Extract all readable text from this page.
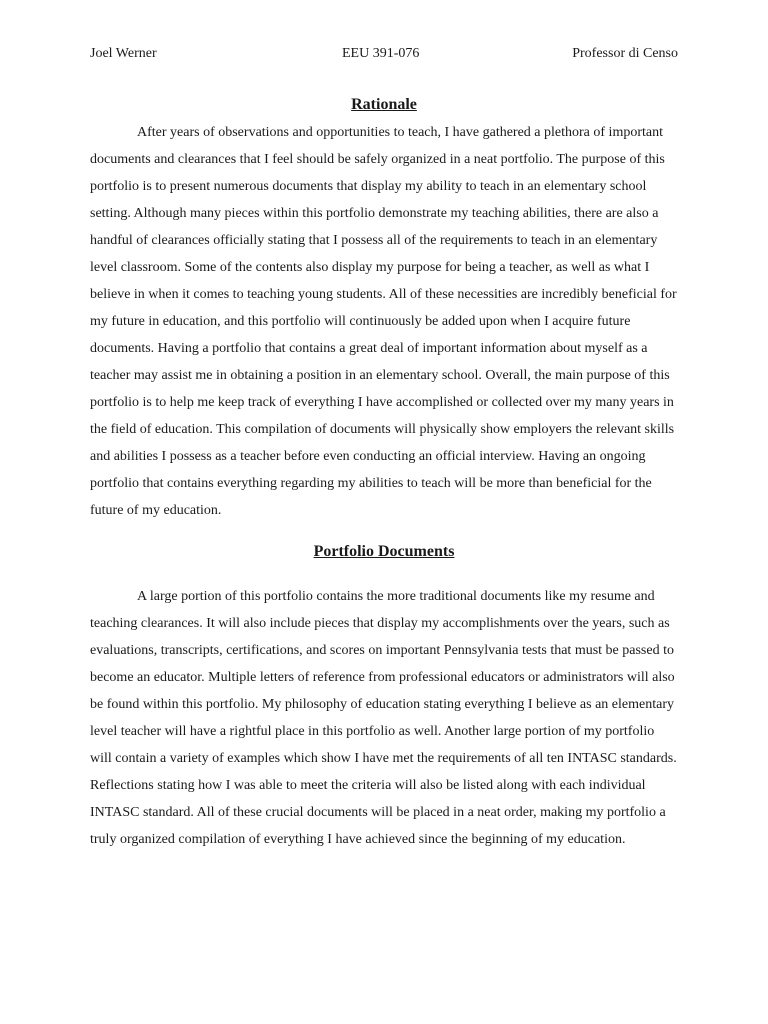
Joel Werner	EEU 391-076	Professor di Censo
Rationale

After years of observations and opportunities to teach, I have gathered a plethora of important documents and clearances that I feel should be safely organized in a neat portfolio. The purpose of this portfolio is to present numerous documents that display my ability to teach in an elementary school setting. Although many pieces within this portfolio demonstrate my teaching abilities, there are also a handful of clearances officially stating that I possess all of the requirements to teach in an elementary level classroom. Some of the contents also display my purpose for being a teacher, as well as what I believe in when it comes to teaching young students. All of these necessities are incredibly beneficial for my future in education, and this portfolio will continuously be added upon when I acquire future documents. Having a portfolio that contains a great deal of important information about myself as a teacher may assist me in obtaining a position in an elementary school. Overall, the main purpose of this portfolio is to help me keep track of everything I have accomplished or collected over my many years in the field of education. This compilation of documents will physically show employers the relevant skills and abilities I possess as a teacher before even conducting an official interview. Having an ongoing portfolio that contains everything regarding my abilities to teach will be more than beneficial for the future of my education.

Portfolio Documents

A large portion of this portfolio contains the more traditional documents like my resume and teaching clearances. It will also include pieces that display my accomplishments over the years, such as evaluations, transcripts, certifications, and scores on important Pennsylvania tests that must be passed to become an educator. Multiple letters of reference from professional educators or administrators will also be found within this portfolio. My philosophy of education stating everything I believe as an elementary level teacher will have a rightful place in this portfolio as well. Another large portion of my portfolio will contain a variety of examples which show I have met the requirements of all ten INTASC standards. Reflections stating how I was able to meet the criteria will also be listed along with each individual INTASC standard. All of these crucial documents will be placed in a neat order, making my portfolio a truly organized compilation of everything I have achieved since the beginning of my education.
